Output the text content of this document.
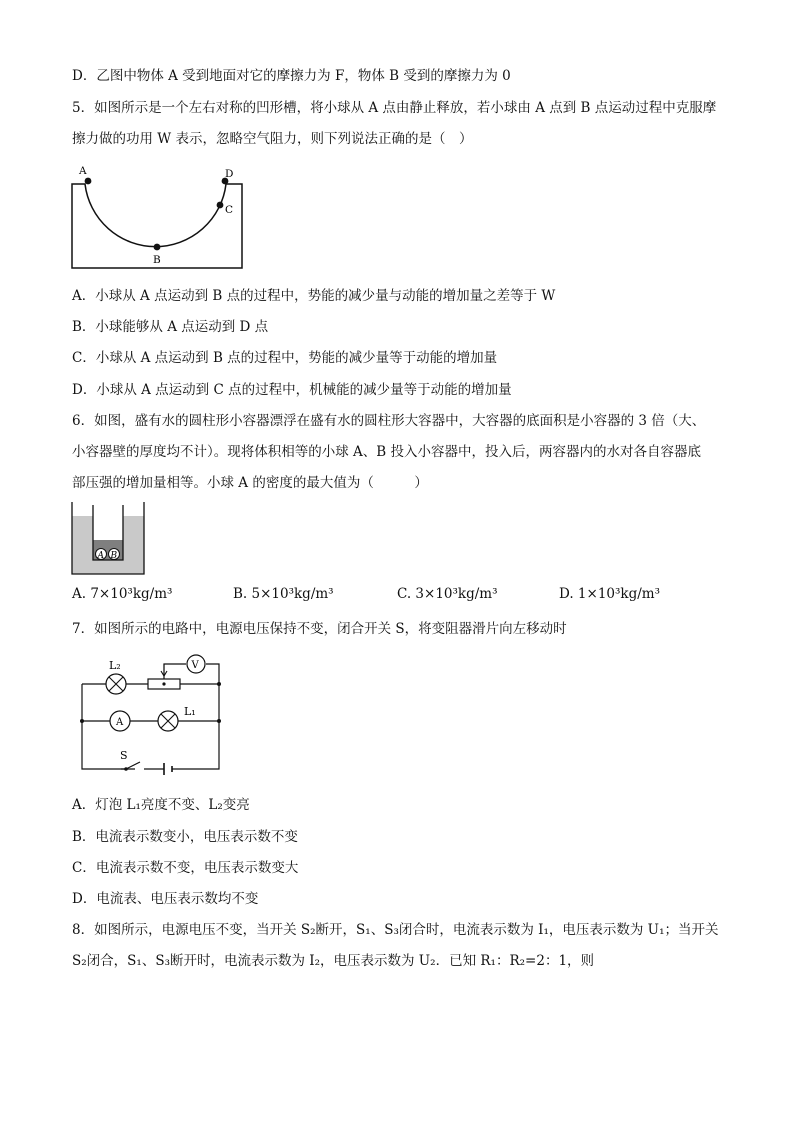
D．乙图中物体 A 受到地面对它的摩擦力为 F，物体 B 受到的摩擦力为 0
5．如图所示是一个左右对称的凹形槽，将小球从 A 点由静止释放，若小球由 A 点到 B 点运动过程中克服摩
擦力做的功用 W 表示，忽略空气阻力，则下列说法正确的是（　）
A
B
C
D
A．小球从 A 点运动到 B 点的过程中，势能的减少量与动能的增加量之差等于 W
B．小球能够从 A 点运动到 D 点
C．小球从 A 点运动到 B 点的过程中，势能的减少量等于动能的增加量
D．小球从 A 点运动到 C 点的过程中，机械能的减少量等于动能的增加量
6．如图，盛有水的圆柱形小容器漂浮在盛有水的圆柱形大容器中，大容器的底面积是小容器的 3 倍（大、
小容器壁的厚度均不计）。现将体积相等的小球 A、B 投入小容器中，投入后，两容器内的水对各自容器底
部压强的增加量相等。小球 A 的密度的最大值为（　　　）
A B
A. 7×10³kg/m³	B. 5×10³kg/m³	C. 3×10³kg/m³	D. 1×10³kg/m³
7．如图所示的电路中，电源电压保持不变，闭合开关 S，将变阻器滑片向左移动时
L₂	V
A
L₁
S
A．灯泡 L₁亮度不变、L₂变亮
B．电流表示数变小，电压表示数不变
C．电流表示数不变，电压表示数变大
D．电流表、电压表示数均不变
8．如图所示，电源电压不变，当开关 S₂断开，S₁、S₃闭合时，电流表示数为 I₁，电压表示数为 U₁；当开关
S₂闭合，S₁、S₃断开时，电流表示数为 I₂，电压表示数为 U₂．已知 R₁：R₂=2：1，则
